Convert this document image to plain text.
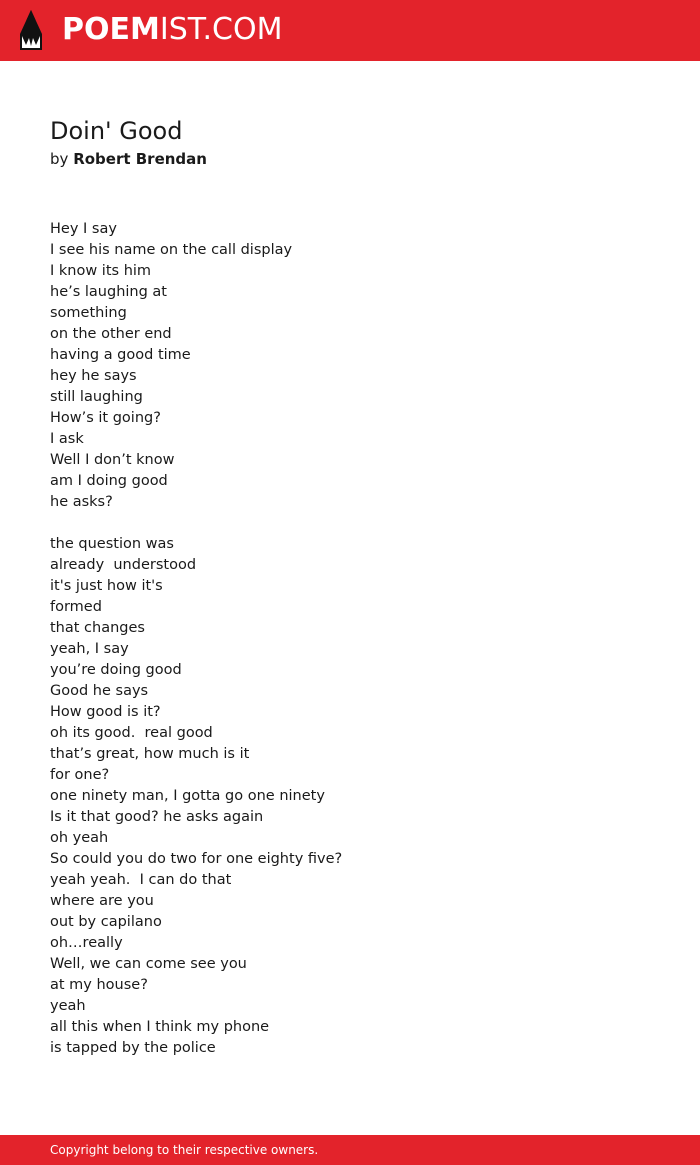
POEMIST.COM
Doin' Good
by Robert Brendan
Hey I say
I see his name on the call display
I know its him
he’s laughing at
something
on the other end
having a good time
hey he says
still laughing
How’s it going?
I ask
Well I don’t know
am I doing good
he asks?
the question was
already  understood
it's just how it's
formed
that changes
yeah, I say
you’re doing good
Good he says
How good is it?
oh its good.  real good
that’s great, how much is it
for one?
one ninety man, I gotta go one ninety
Is it that good? he asks again
oh yeah
So could you do two for one eighty five?
yeah yeah.  I can do that
where are you
out by capilano
oh…really
Well, we can come see you
at my house?
yeah
all this when I think my phone
is tapped by the police
Copyright belong to their respective owners.
